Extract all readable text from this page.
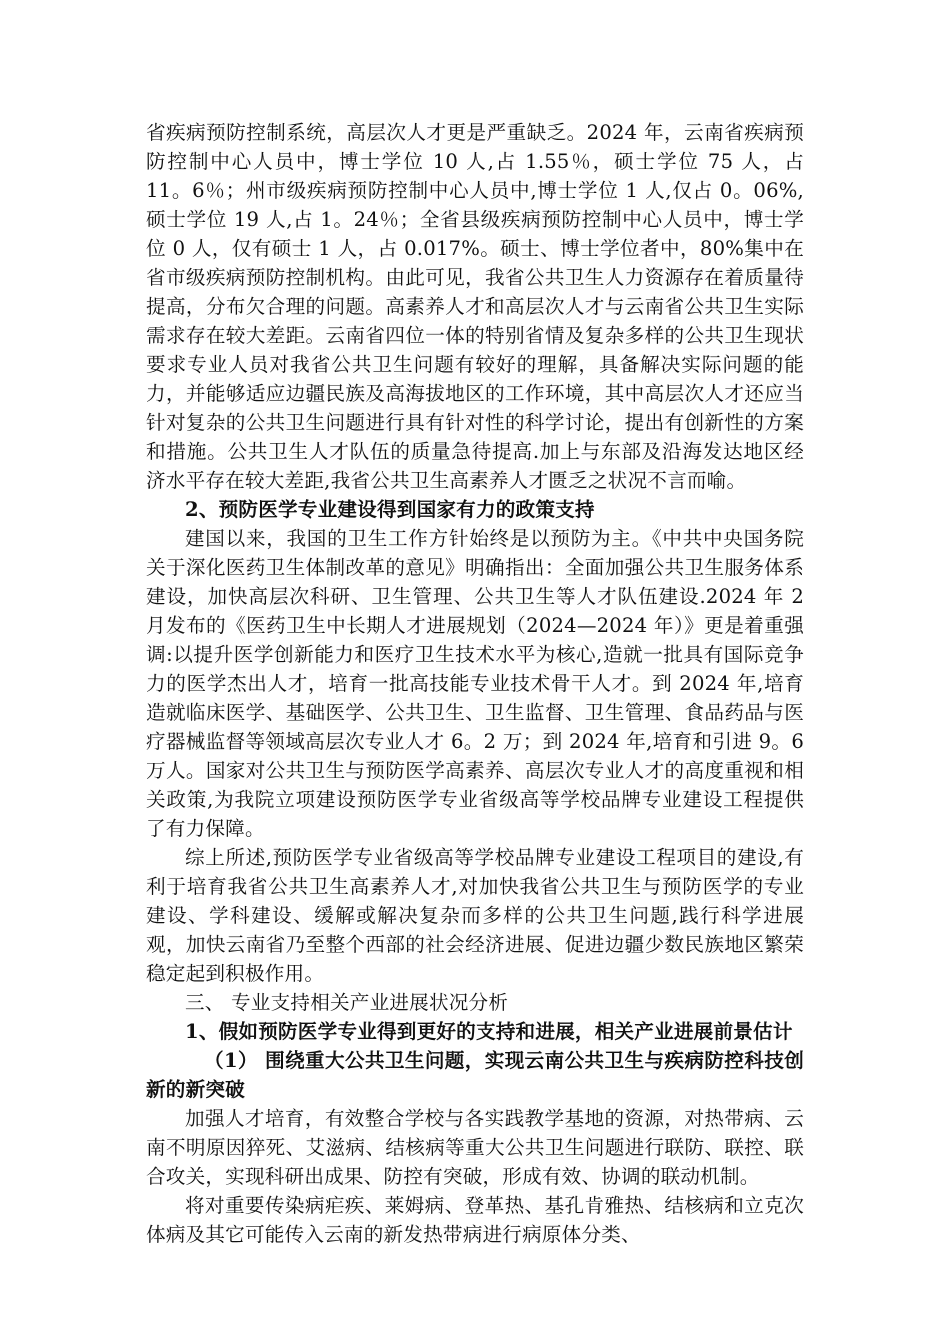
省疾病预防控制系统，高层次人才更是严重缺乏。2024 年，云南省疾病预防控制中心人员中，博士学位 10 人,占 1.55％，硕士学位 75 人，占 11。6％；州市级疾病预防控制中心人员中,博士学位 1 人,仅占 0。06%,硕士学位 19 人,占 1。24％；全省县级疾病预防控制中心人员中，博士学位 0 人，仅有硕士 1 人，占 0.017%。硕士、博士学位者中，80%集中在省市级疾病预防控制机构。由此可见，我省公共卫生人力资源存在着质量待提高，分布欠合理的问题。高素养人才和高层次人才与云南省公共卫生实际需求存在较大差距。云南省四位一体的特别省情及复杂多样的公共卫生现状要求专业人员对我省公共卫生问题有较好的理解，具备解决实际问题的能力，并能够适应边疆民族及高海拔地区的工作环境，其中高层次人才还应当针对复杂的公共卫生问题进行具有针对性的科学讨论，提出有创新性的方案和措施。公共卫生人才队伍的质量急待提高.加上与东部及沿海发达地区经济水平存在较大差距,我省公共卫生高素养人才匮乏之状况不言而喻。

2、预防医学专业建设得到国家有力的政策支持

建国以来，我国的卫生工作方针始终是以预防为主。《中共中央国务院关于深化医药卫生体制改革的意见》明确指出：全面加强公共卫生服务体系建设，加快高层次科研、卫生管理、公共卫生等人才队伍建设.2024 年 2 月发布的《医药卫生中长期人才进展规划（2024—2024 年）》更是着重强调:以提升医学创新能力和医疗卫生技术水平为核心,造就一批具有国际竞争力的医学杰出人才，培育一批高技能专业技术骨干人才。到 2024 年,培育造就临床医学、基础医学、公共卫生、卫生监督、卫生管理、食品药品与医疗器械监督等领域高层次专业人才 6。2 万；到 2024 年,培育和引进 9。6 万人。国家对公共卫生与预防医学高素养、高层次专业人才的高度重视和相关政策,为我院立项建设预防医学专业省级高等学校品牌专业建设工程提供了有力保障。

综上所述,预防医学专业省级高等学校品牌专业建设工程项目的建设,有利于培育我省公共卫生高素养人才,对加快我省公共卫生与预防医学的专业建设、学科建设、缓解或解决复杂而多样的公共卫生问题,践行科学进展观，加快云南省乃至整个西部的社会经济进展、促进边疆少数民族地区繁荣稳定起到积极作用。

三、 专业支持相关产业进展状况分析

1、假如预防医学专业得到更好的支持和进展，相关产业进展前景估计

（1） 围绕重大公共卫生问题，实现云南公共卫生与疾病防控科技创新的新突破

加强人才培育，有效整合学校与各实践教学基地的资源，对热带病、云南不明原因猝死、艾滋病、结核病等重大公共卫生问题进行联防、联控、联合攻关，实现科研出成果、防控有突破，形成有效、协调的联动机制。

将对重要传染病疟疾、莱姆病、登革热、基孔肯雅热、结核病和立克次体病及其它可能传入云南的新发热带病进行病原体分类、
